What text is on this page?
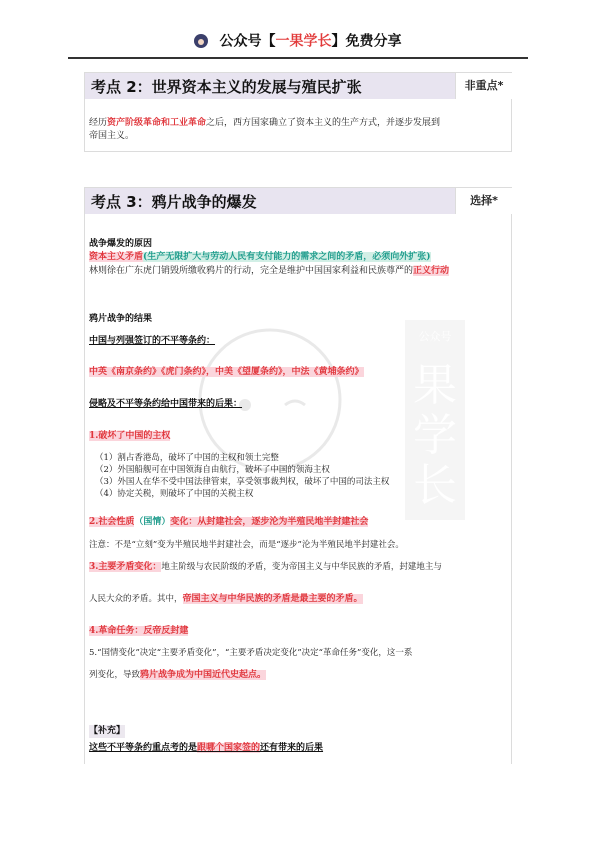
公众号【一果学长】免费分享
考点 2：世界资本主义的发展与殖民扩张	非重点*
经历资产阶级革命和工业革命之后，西方国家确立了资本主义的生产方式，并逐步发展到
帝国主义。
公众号
果
学
长
考点 3：鸦片战争的爆发	选择*
战争爆发的原因
资本主义矛盾(生产无限扩大与劳动人民有支付能力的需求之间的矛盾，必须向外扩张)
林则徐在广东虎门销毁所缴收鸦片的行动，完全是维护中国国家利益和民族尊严的正义行动
鸦片战争的结果
中国与列强签订的不平等条约：
中英《南京条约》《虎门条约》，中美《望厦条约》，中法《黄埔条约》
侵略及不平等条约给中国带来的后果：
1.破坏了中国的主权
（1）割占香港岛，破坏了中国的主权和领土完整
（2）外国船舰可在中国领海自由航行，破坏了中国的领海主权
（3）外国人在华不受中国法律管束，享受领事裁判权，破坏了中国的司法主权
（4）协定关税，则破坏了中国的关税主权
2.社会性质（国情）变化：从封建社会，逐步沦为半殖民地半封建社会
注意：不是“立刻”变为半殖民地半封建社会，而是“逐步”沦为半殖民地半封建社会。
3.主要矛盾变化：地主阶级与农民阶级的矛盾，变为帝国主义与中华民族的矛盾，封建地主与
人民大众的矛盾。其中，帝国主义与中华民族的矛盾是最主要的矛盾。
4.革命任务：反帝反封建
5.“国情变化”决定“主要矛盾变化”，“主要矛盾决定变化”决定“革命任务”变化，这一系
列变化，导致鸦片战争成为中国近代史起点。
【补充】
这些不平等条约重点考的是跟哪个国家签的还有带来的后果
